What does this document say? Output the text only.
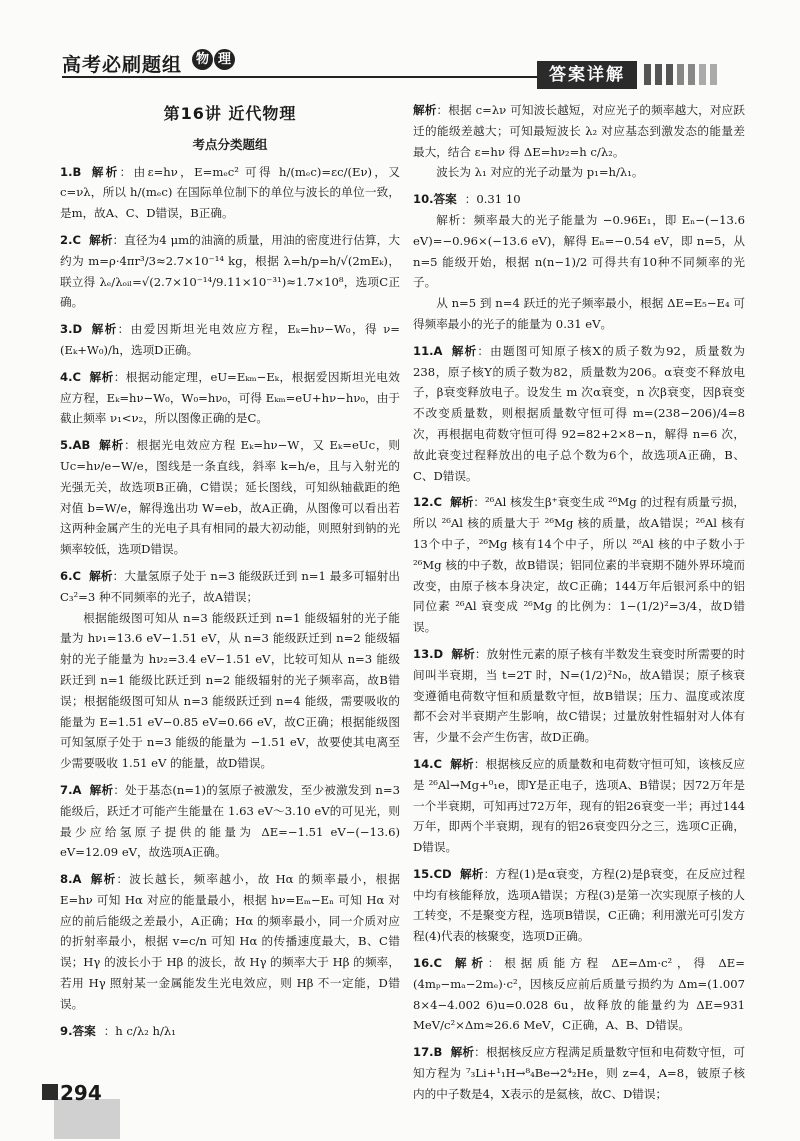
高考必刷题组	物 理
答案详解
第16讲 近代物理
考点分类题组

1.B 解析：由ε=hν，E=mₑc² 可得 h/(mₑc)=εc/(Eν)，又c=νλ，所以 h/(mₑc) 在国际单位制下的单位与波长的单位一致，是m，故A、C、D错误，B正确。

2.C 解析：直径为4 μm的油滴的质量，用油的密度进行估算，大约为 m=ρ·4πr³/3≈2.7×10⁻¹⁴ kg，根据 λ=h/p=h/√(2mEₖ)，联立得 λₑ/λₒᵢₗ=√(2.7×10⁻¹⁴/9.11×10⁻³¹)≈1.7×10⁸，选项C正确。

3.D 解析：由爱因斯坦光电效应方程，Eₖ=hν−W₀，得 ν=(Eₖ+W₀)/h，选项D正确。

4.C 解析：根据动能定理，eU=Eₖₘ−Eₖ，根据爱因斯坦光电效应方程，Eₖ=hν−W₀，W₀=hν₀，可得 Eₖₘ=eU+hν−hν₀，由于截止频率 ν₁<ν₂，所以图像正确的是C。

5.AB 解析：根据光电效应方程 Eₖ=hν−W，又 Eₖ=eUc，则 Uc=hν/e−W/e，图线是一条直线，斜率 k=h/e，且与入射光的光强无关，故选项B正确，C错误；延长图线，可知纵轴截距的绝对值 b=W/e，解得逸出功 W=eb，故A正确，从图像可以看出若这两种金属产生的光电子具有相同的最大初动能，则照射到钠的光频率较低，选项D错误。

6.C 解析：大量氢原子处于 n=3 能级跃迁到 n=1 最多可辐射出 C₃²=3 种不同频率的光子，故A错误；

根据能级图可知从 n=3 能级跃迁到 n=1 能级辐射的光子能量为 hν₁=13.6 eV−1.51 eV，从 n=3 能级跃迁到 n=2 能级辐射的光子能量为 hν₂=3.4 eV−1.51 eV，比较可知从 n=3 能级跃迁到 n=1 能级比跃迁到 n=2 能级辐射的光子频率高，故B错误；根据能级图可知从 n=3 能级跃迁到 n=4 能级，需要吸收的能量为 E=1.51 eV−0.85 eV=0.66 eV，故C正确；根据能级图可知氢原子处于 n=3 能级的能量为 −1.51 eV，故要使其电离至少需要吸收 1.51 eV 的能量，故D错误。

7.A 解析：处于基态(n=1)的氢原子被激发，至少被激发到 n=3 能级后，跃迁才可能产生能量在 1.63 eV～3.10 eV的可见光，则最少应给氢原子提供的能量为 ΔE=−1.51 eV−(−13.6) eV=12.09 eV，故选项A正确。

8.A 解析：波长越长，频率越小，故 Hα 的频率最小，根据 E=hν 可知 Hα 对应的能量最小，根据 hν=Eₘ−Eₙ 可知 Hα 对应的前后能级之差最小，A正确；Hα 的频率最小，同一介质对应的折射率最小，根据 v=c/n 可知 Hα 的传播速度最大，B、C错误；Hγ 的波长小于 Hβ 的波长，故 Hγ 的频率大于 Hβ 的频率，若用 Hγ 照射某一金属能发生光电效应，则 Hβ 不一定能，D错误。

9.答案 ：h c/λ₂ h/λ₁

解析：根据 c=λν 可知波长越短，对应光子的频率越大，对应跃迁的能级差越大；可知最短波长 λ₂ 对应基态到激发态的能量差最大，结合 ε=hν 得 ΔE=hν₂=h c/λ₂。

波长为 λ₁ 对应的光子动量为 p₁=h/λ₁。

10.答案 ：0.31 10

解析：频率最大的光子能量为 −0.96E₁，即 Eₙ−(−13.6 eV)=−0.96×(−13.6 eV)，解得 Eₙ=−0.54 eV，即 n=5，从 n=5 能级开始，根据 n(n−1)/2 可得共有10种不同频率的光子。

从 n=5 到 n=4 跃迁的光子频率最小，根据 ΔE=E₅−E₄ 可得频率最小的光子的能量为 0.31 eV。

11.A 解析：由题图可知原子核X的质子数为92，质量数为238，原子核Y的质子数为82，质量数为206。α衰变不释放电子，β衰变释放电子。设发生 m 次α衰变，n 次β衰变，因β衰变不改变质量数，则根据质量数守恒可得 m=(238−206)/4=8 次，再根据电荷数守恒可得 92=82+2×8−n，解得 n=6 次，故此衰变过程释放出的电子总个数为6个，故选项A正确，B、C、D错误。

12.C 解析：²⁶Al 核发生β⁺衰变生成 ²⁶Mg 的过程有质量亏损，所以 ²⁶Al 核的质量大于 ²⁶Mg 核的质量，故A错误；²⁶Al 核有13个中子，²⁶Mg 核有14个中子，所以 ²⁶Al 核的中子数小于 ²⁶Mg 核的中子数，故B错误；铝同位素的半衰期不随外界环境而改变，由原子核本身决定，故C正确；144万年后银河系中的铝同位素 ²⁶Al 衰变成 ²⁶Mg 的比例为：1−(1/2)²=3/4，故D错误。

13.D 解析：放射性元素的原子核有半数发生衰变时所需要的时间叫半衰期，当 t=2T 时，N=(1/2)²N₀，故A错误；原子核衰变遵循电荷数守恒和质量数守恒，故B错误；压力、温度或浓度都不会对半衰期产生影响，故C错误；过量放射性辐射对人体有害，少量不会产生伤害，故D正确。

14.C 解析：根据核反应的质量数和电荷数守恒可知，该核反应是 ²⁶Al→Mg+⁰₁e，即Y是正电子，选项A、B错误；因72万年是一个半衰期，可知再过72万年，现有的铝26衰变一半；再过144万年，即两个半衰期，现有的铝26衰变四分之三，选项C正确，D错误。

15.CD 解析：方程(1)是α衰变，方程(2)是β衰变，在反应过程中均有核能释放，选项A错误；方程(3)是第一次实现原子核的人工转变，不是聚变方程，选项B错误，C正确；利用激光可引发方程(4)代表的核聚变，选项D正确。

16.C 解析：根据质能方程 ΔE=Δm·c²，得 ΔE=(4mₚ−mₐ−2mₑ)·c²，因核反应前后质量亏损约为 Δm=(1.007 8×4−4.002 6)u=0.028 6u，故释放的能量约为 ΔE=931 MeV/c²×Δm≈26.6 MeV，C正确，A、B、D错误。

17.B 解析：根据核反应方程满足质量数守恒和电荷数守恒，可知方程为 ⁷₃Li+¹₁H→⁸₄Be→2⁴₂He，则 z=4，A=8，铍原子核内的中子数是4，X表示的是氦核，故C、D错误；

294
